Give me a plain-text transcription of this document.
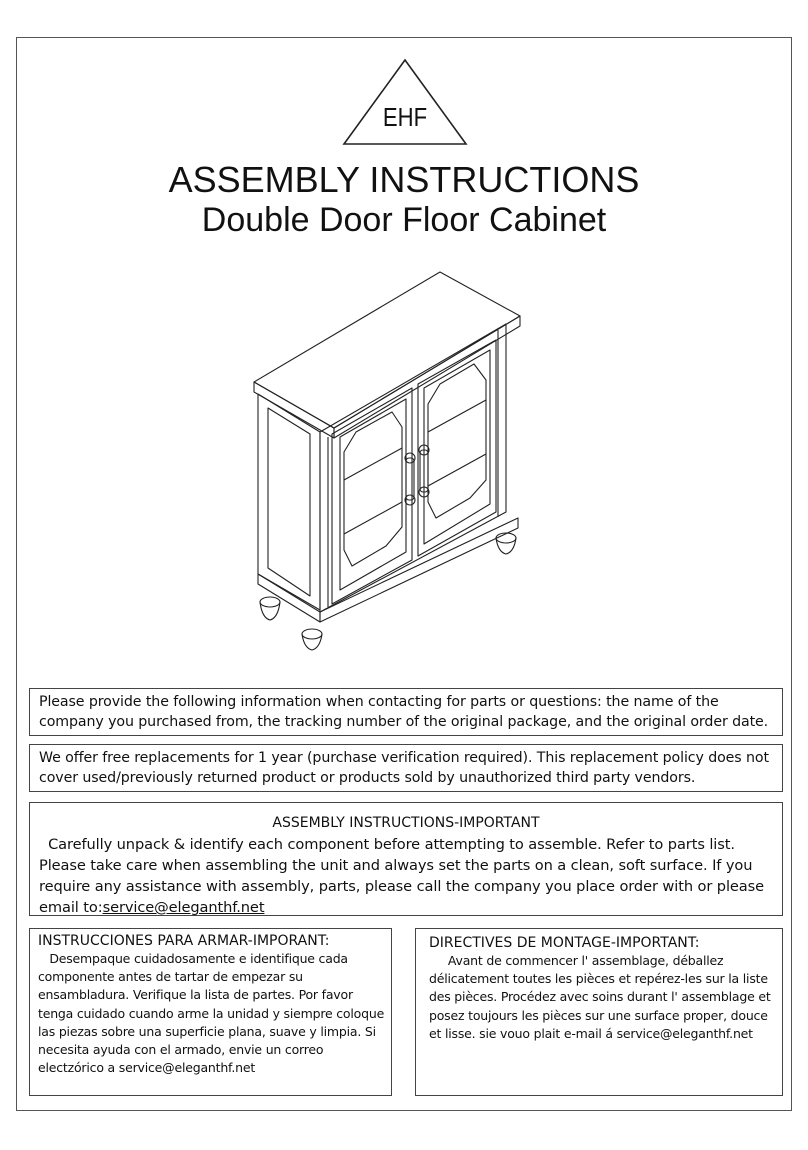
EHF
ASSEMBLY INSTRUCTIONS
Double Door Floor Cabinet
Please provide the following information when contacting for parts or questions: the name of the company you purchased from, the tracking number of the original package, and the original order date.
We offer free replacements for 1 year (purchase verification required). This replacement policy does not cover used/previously returned product or products sold by unauthorized third party vendors.
ASSEMBLY INSTRUCTIONS-IMPORTANT
Carefully unpack & identify each component before attempting to assemble. Refer to parts list. Please take care when assembling the unit and always set the parts on a clean, soft surface. If you require any assistance with assembly, parts, please call the company you place order with or please email to:service@eleganthf.net
INSTRUCCIONES PARA ARMAR-IMPORANT:
Desempaque cuidadosamente e identifique cada componente antes de tartar de empezar su ensambladura. Verifique la lista de partes. Por favor tenga cuidado cuando arme la unidad y siempre coloque las piezas sobre una superficie plana, suave y limpia. Si necesita ayuda con el armado, envie un correo electzórico a service@eleganthf.net
DIRECTIVES DE MONTAGE-IMPORTANT:
Avant de commencer l' assemblage, déballez délicatement toutes les pièces et repérez-les sur la liste des pièces. Procédez avec soins durant l' assemblage et posez toujours les pièces sur une surface proper, douce et lisse. sie vouo plait e-mail á service@eleganthf.net
